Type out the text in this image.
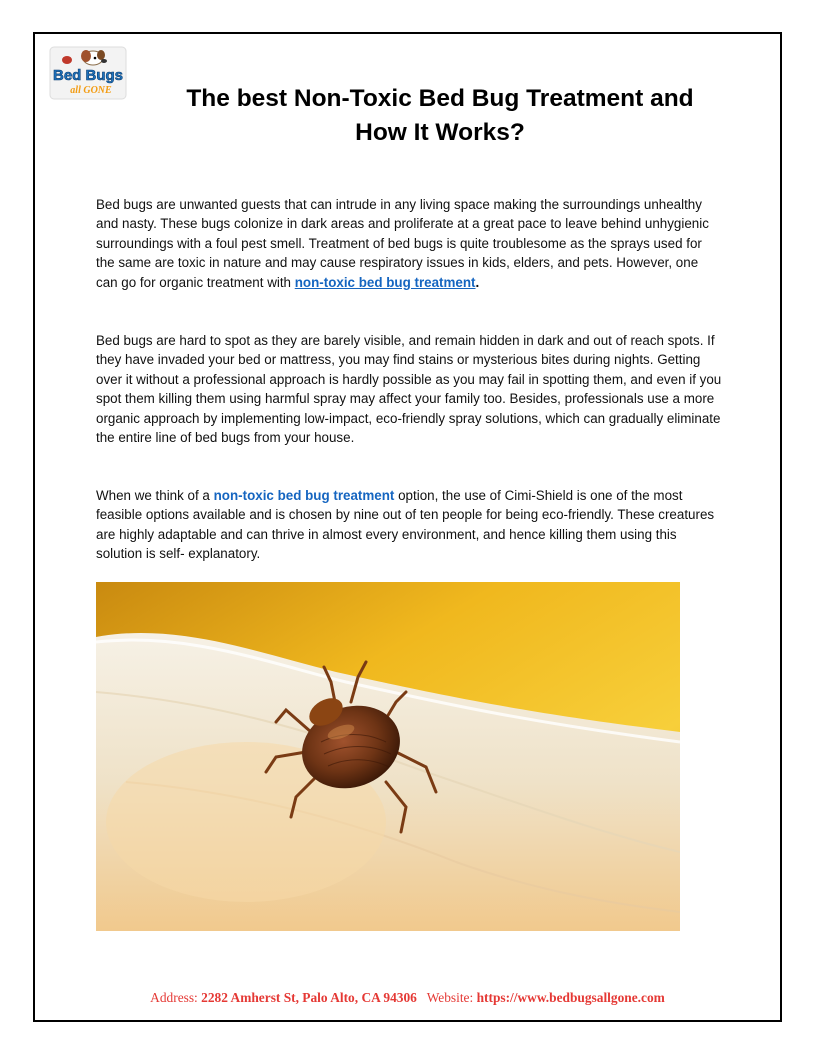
Bed Bugs
all GONE	The best Non-Toxic Bed Bug Treatment and
How It Works?

Bed bugs are unwanted guests that can intrude in any living space making the surroundings unhealthy and nasty. These bugs colonize in dark areas and proliferate at a great pace to leave behind unhygienic surroundings with a foul pest smell. Treatment of bed bugs is quite troublesome as the sprays used for the same are toxic in nature and may cause respiratory issues in kids, elders, and pets. However, one can go for organic treatment with non-toxic bed bug treatment.

Bed bugs are hard to spot as they are barely visible, and remain hidden in dark and out of reach spots. If they have invaded your bed or mattress, you may find stains or mysterious bites during nights. Getting over it without a professional approach is hardly possible as you may fail in spotting them, and even if you spot them killing them using harmful spray may affect your family too. Besides, professionals use a more organic approach by implementing low-impact, eco-friendly spray solutions, which can gradually eliminate the entire line of bed bugs from your house.

When we think of a non-toxic bed bug treatment option, the use of Cimi-Shield is one of the most feasible options available and is chosen by nine out of ten people for being eco-friendly. These creatures are highly adaptable and can thrive in almost every environment, and hence killing them using this solution is self- explanatory.

Address: 2282 Amherst St, Palo Alto, CA 94306 Website: https://www.bedbugsallgone.com
